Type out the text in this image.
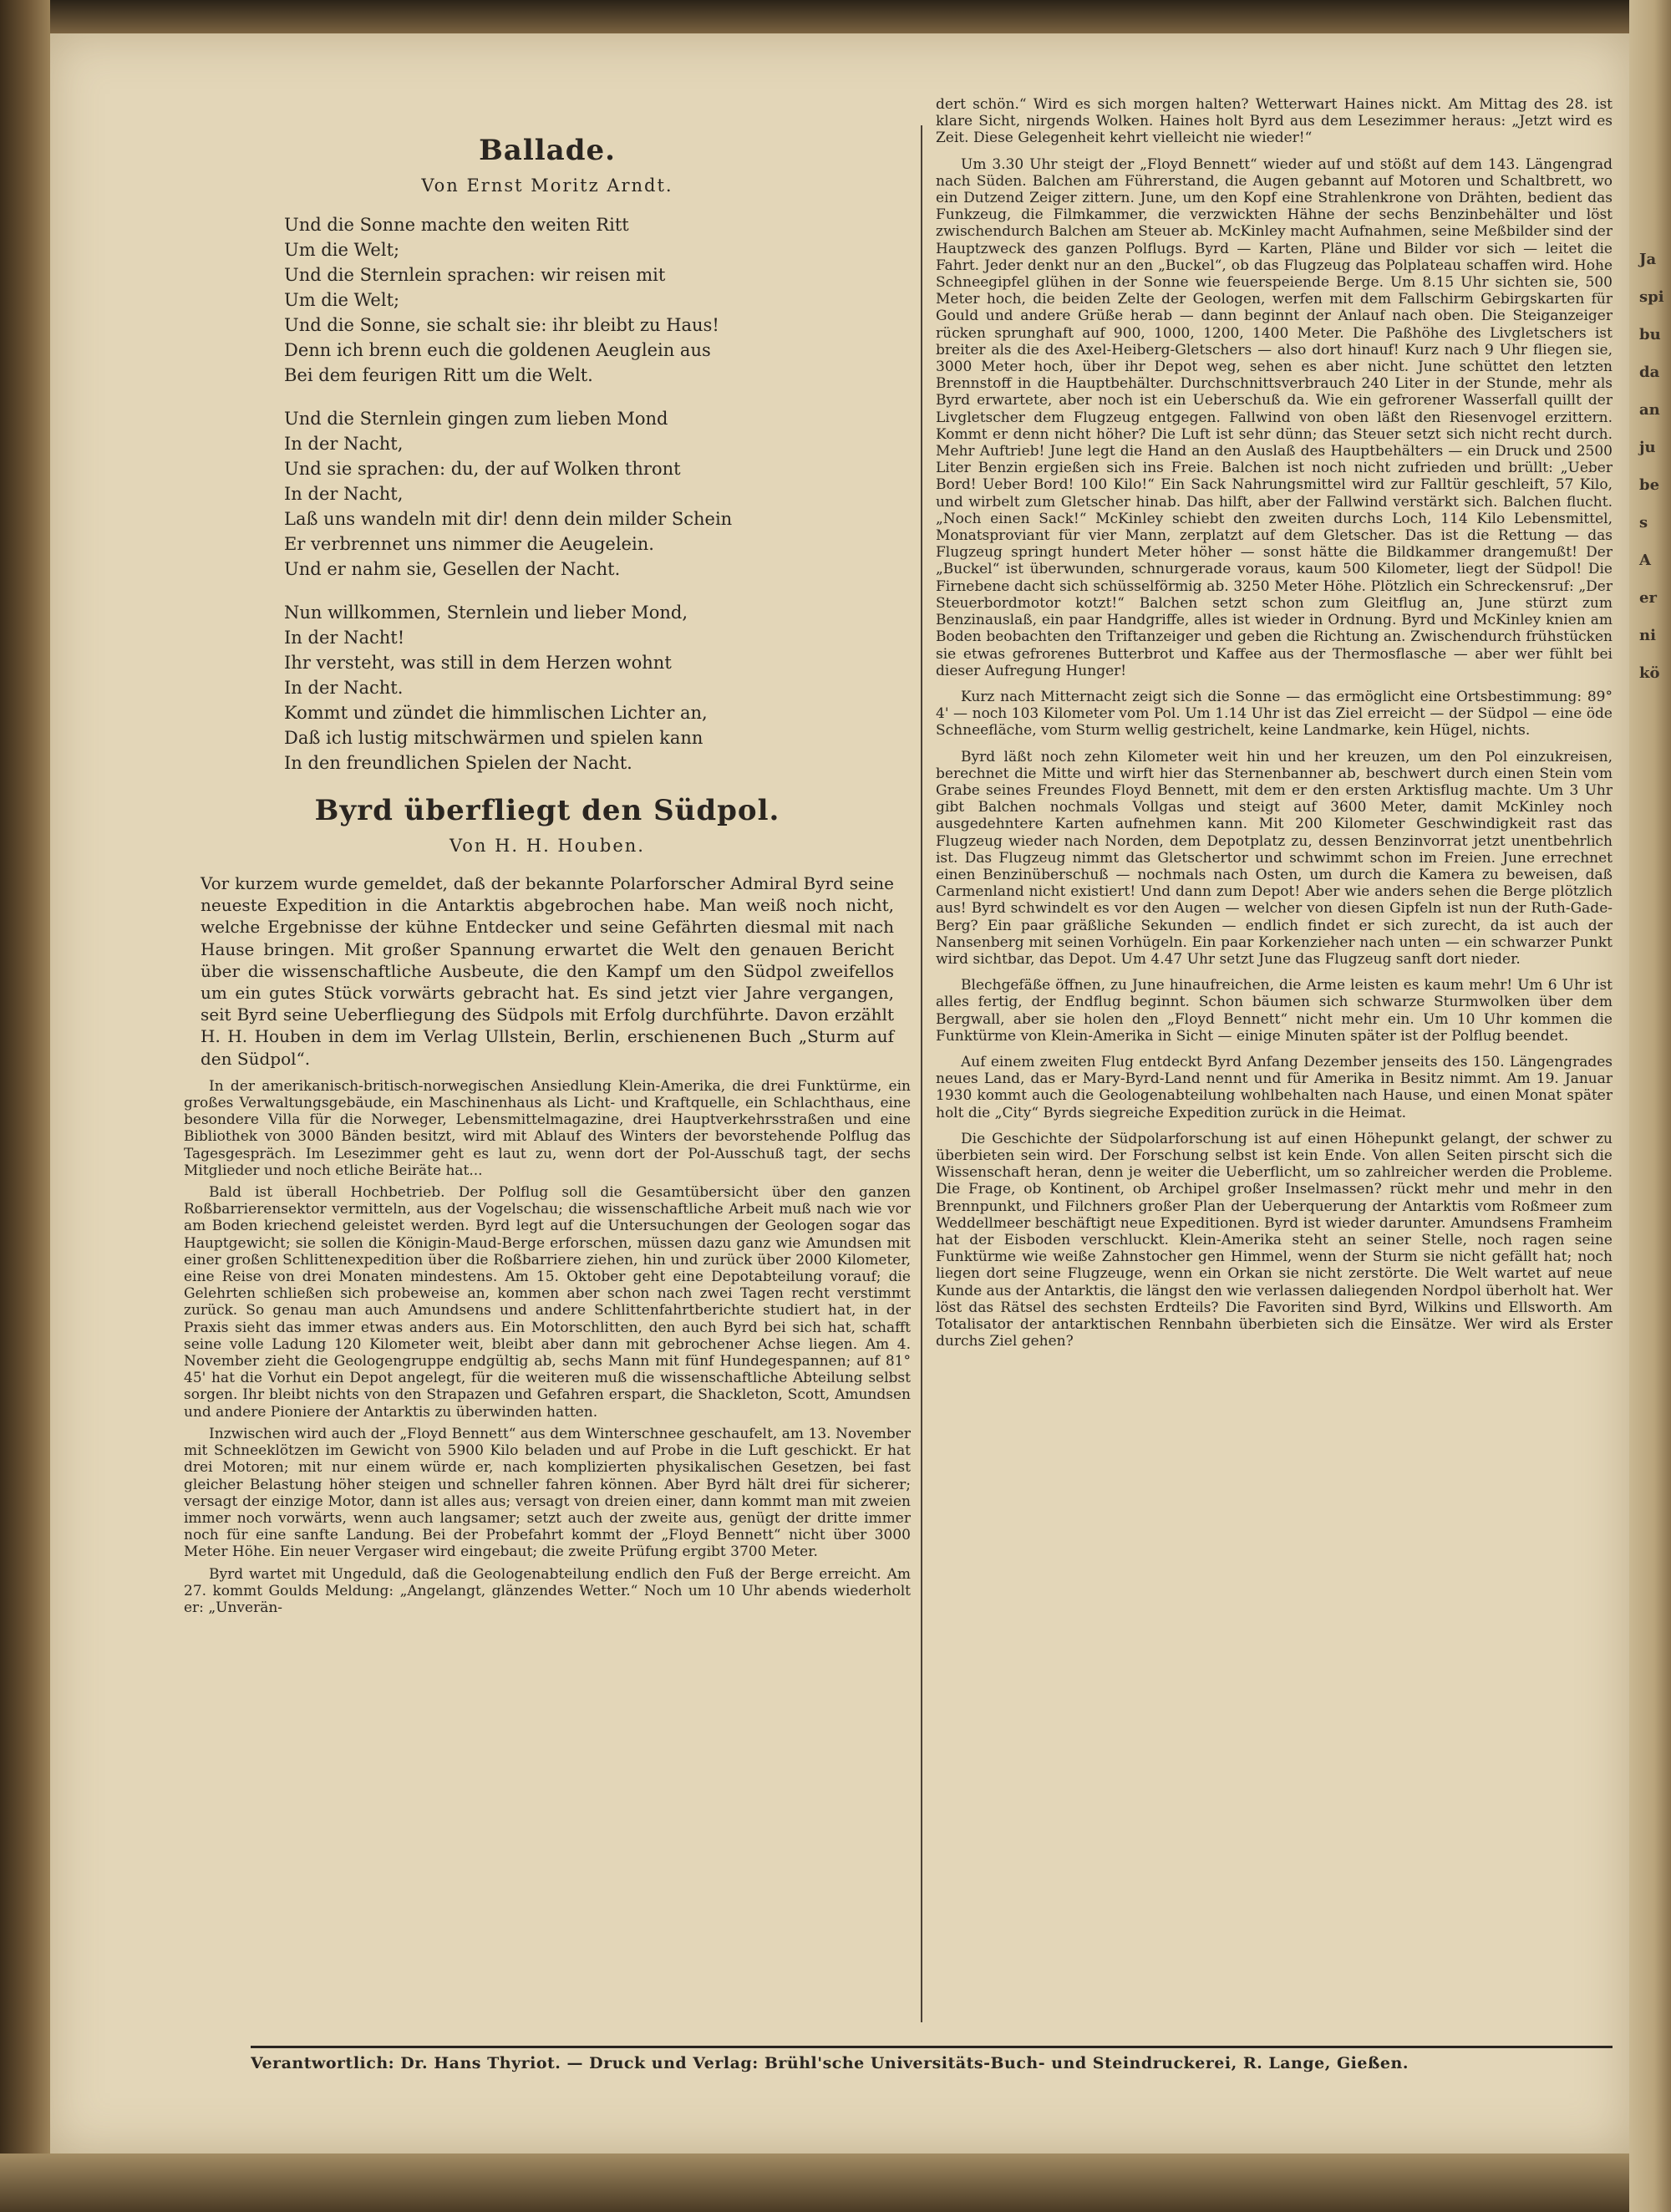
Ja
spi
bu
da
an
ju
be
s
A
er
ni
kö
Ballade.
Von Ernst Moritz Arndt.
Und die Sonne machte den weiten Ritt
Um die Welt;
Und die Sternlein sprachen: wir reisen mit
Um die Welt;
Und die Sonne, sie schalt sie: ihr bleibt zu Haus!
Denn ich brenn euch die goldenen Aeuglein aus
Bei dem feurigen Ritt um die Welt.
Und die Sternlein gingen zum lieben Mond
In der Nacht,
Und sie sprachen: du, der auf Wolken thront
In der Nacht,
Laß uns wandeln mit dir! denn dein milder Schein
Er verbrennet uns nimmer die Aeugelein.
Und er nahm sie, Gesellen der Nacht.
Nun willkommen, Sternlein und lieber Mond,
In der Nacht!
Ihr versteht, was still in dem Herzen wohnt
In der Nacht.
Kommt und zündet die himmlischen Lichter an,
Daß ich lustig mitschwärmen und spielen kann
In den freundlichen Spielen der Nacht.
Byrd überfliegt den Südpol.
Von H. H. Houben.
Vor kurzem wurde gemeldet, daß der bekannte Polarforscher Admiral Byrd seine neueste Expedition in die Antarktis abgebrochen habe. Man weiß noch nicht, welche Ergebnisse der kühne Entdecker und seine Gefährten diesmal mit nach Hause bringen. Mit großer Spannung erwartet die Welt den genauen Bericht über die wissenschaftliche Ausbeute, die den Kampf um den Südpol zweifellos um ein gutes Stück vorwärts gebracht hat. Es sind jetzt vier Jahre vergangen, seit Byrd seine Ueberfliegung des Südpols mit Erfolg durchführte. Davon erzählt H. H. Houben in dem im Verlag Ullstein, Berlin, erschienenen Buch „Sturm auf den Südpol“.
In der amerikanisch-britisch-norwegischen Ansiedlung Klein-Amerika, die drei Funktürme, ein großes Verwaltungsgebäude, ein Maschinenhaus als Licht- und Kraftquelle, ein Schlachthaus, eine besondere Villa für die Norweger, Lebensmittelmagazine, drei Hauptverkehrsstraßen und eine Bibliothek von 3000 Bänden besitzt, wird mit Ablauf des Winters der bevorstehende Polflug das Tagesgespräch. Im Lesezimmer geht es laut zu, wenn dort der Pol-Ausschuß tagt, der sechs Mitglieder und noch etliche Beiräte hat...
Bald ist überall Hochbetrieb. Der Polflug soll die Gesamtübersicht über den ganzen Roßbarrierensektor vermitteln, aus der Vogelschau; die wissenschaftliche Arbeit muß nach wie vor am Boden kriechend geleistet werden. Byrd legt auf die Untersuchungen der Geologen sogar das Hauptgewicht; sie sollen die Königin-Maud-Berge erforschen, müssen dazu ganz wie Amundsen mit einer großen Schlittenexpedition über die Roßbarriere ziehen, hin und zurück über 2000 Kilometer, eine Reise von drei Monaten mindestens. Am 15. Oktober geht eine Depotabteilung vorauf; die Gelehrten schließen sich probeweise an, kommen aber schon nach zwei Tagen recht verstimmt zurück. So genau man auch Amundsens und andere Schlittenfahrtberichte studiert hat, in der Praxis sieht das immer etwas anders aus. Ein Motorschlitten, den auch Byrd bei sich hat, schafft seine volle Ladung 120 Kilometer weit, bleibt aber dann mit gebrochener Achse liegen. Am 4. November zieht die Geologengruppe endgültig ab, sechs Mann mit fünf Hundegespannen; auf 81° 45' hat die Vorhut ein Depot angelegt, für die weiteren muß die wissenschaftliche Abteilung selbst sorgen. Ihr bleibt nichts von den Strapazen und Gefahren erspart, die Shackleton, Scott, Amundsen und andere Pioniere der Antarktis zu überwinden hatten.
Inzwischen wird auch der „Floyd Bennett“ aus dem Winterschnee geschaufelt, am 13. November mit Schneeklötzen im Gewicht von 5900 Kilo beladen und auf Probe in die Luft geschickt. Er hat drei Motoren; mit nur einem würde er, nach komplizierten physikalischen Gesetzen, bei fast gleicher Belastung höher steigen und schneller fahren können. Aber Byrd hält drei für sicherer; versagt der einzige Motor, dann ist alles aus; versagt von dreien einer, dann kommt man mit zweien immer noch vorwärts, wenn auch langsamer; setzt auch der zweite aus, genügt der dritte immer noch für eine sanfte Landung. Bei der Probefahrt kommt der „Floyd Bennett“ nicht über 3000 Meter Höhe. Ein neuer Vergaser wird eingebaut; die zweite Prüfung ergibt 3700 Meter.
Byrd wartet mit Ungeduld, daß die Geologenabteilung endlich den Fuß der Berge erreicht. Am 27. kommt Goulds Meldung: „Angelangt, glänzendes Wetter.“ Noch um 10 Uhr abends wiederholt er: „Unverän-
dert schön.“ Wird es sich morgen halten? Wetterwart Haines nickt. Am Mittag des 28. ist klare Sicht, nirgends Wolken. Haines holt Byrd aus dem Lesezimmer heraus: „Jetzt wird es Zeit. Diese Gelegenheit kehrt vielleicht nie wieder!“
Um 3.30 Uhr steigt der „Floyd Bennett“ wieder auf und stößt auf dem 143. Längengrad nach Süden. Balchen am Führerstand, die Augen gebannt auf Motoren und Schaltbrett, wo ein Dutzend Zeiger zittern. June, um den Kopf eine Strahlenkrone von Drähten, bedient das Funkzeug, die Filmkammer, die verzwickten Hähne der sechs Benzinbehälter und löst zwischendurch Balchen am Steuer ab. McKinley macht Aufnahmen, seine Meßbilder sind der Hauptzweck des ganzen Polflugs. Byrd — Karten, Pläne und Bilder vor sich — leitet die Fahrt. Jeder denkt nur an den „Buckel“, ob das Flugzeug das Polplateau schaffen wird. Hohe Schneegipfel glühen in der Sonne wie feuerspeiende Berge. Um 8.15 Uhr sichten sie, 500 Meter hoch, die beiden Zelte der Geologen, werfen mit dem Fallschirm Gebirgskarten für Gould und andere Grüße herab — dann beginnt der Anlauf nach oben. Die Steiganzeiger rücken sprunghaft auf 900, 1000, 1200, 1400 Meter. Die Paßhöhe des Livgletschers ist breiter als die des Axel-Heiberg-Gletschers — also dort hinauf! Kurz nach 9 Uhr fliegen sie, 3000 Meter hoch, über ihr Depot weg, sehen es aber nicht. June schüttet den letzten Brennstoff in die Hauptbehälter. Durchschnittsverbrauch 240 Liter in der Stunde, mehr als Byrd erwartete, aber noch ist ein Ueberschuß da. Wie ein gefrorener Wasserfall quillt der Livgletscher dem Flugzeug entgegen. Fallwind von oben läßt den Riesenvogel erzittern. Kommt er denn nicht höher? Die Luft ist sehr dünn; das Steuer setzt sich nicht recht durch. Mehr Auftrieb! June legt die Hand an den Auslaß des Hauptbehälters — ein Druck und 2500 Liter Benzin ergießen sich ins Freie. Balchen ist noch nicht zufrieden und brüllt: „Ueber Bord! Ueber Bord! 100 Kilo!“ Ein Sack Nahrungsmittel wird zur Falltür geschleift, 57 Kilo, und wirbelt zum Gletscher hinab. Das hilft, aber der Fallwind verstärkt sich. Balchen flucht. „Noch einen Sack!“ McKinley schiebt den zweiten durchs Loch, 114 Kilo Lebensmittel, Monatsproviant für vier Mann, zerplatzt auf dem Gletscher. Das ist die Rettung — das Flugzeug springt hundert Meter höher — sonst hätte die Bildkammer drangemußt! Der „Buckel“ ist überwunden, schnurgerade voraus, kaum 500 Kilometer, liegt der Südpol! Die Firnebene dacht sich schüsselförmig ab. 3250 Meter Höhe. Plötzlich ein Schreckensruf: „Der Steuerbordmotor kotzt!“ Balchen setzt schon zum Gleitflug an, June stürzt zum Benzinauslaß, ein paar Handgriffe, alles ist wieder in Ordnung. Byrd und McKinley knien am Boden beobachten den Triftanzeiger und geben die Richtung an. Zwischendurch frühstücken sie etwas gefrorenes Butterbrot und Kaffee aus der Thermosflasche — aber wer fühlt bei dieser Aufregung Hunger!
Kurz nach Mitternacht zeigt sich die Sonne — das ermöglicht eine Ortsbestimmung: 89° 4' — noch 103 Kilometer vom Pol. Um 1.14 Uhr ist das Ziel erreicht — der Südpol — eine öde Schneefläche, vom Sturm wellig gestrichelt, keine Landmarke, kein Hügel, nichts.
Byrd läßt noch zehn Kilometer weit hin und her kreuzen, um den Pol einzukreisen, berechnet die Mitte und wirft hier das Sternenbanner ab, beschwert durch einen Stein vom Grabe seines Freundes Floyd Bennett, mit dem er den ersten Arktisflug machte. Um 3 Uhr gibt Balchen nochmals Vollgas und steigt auf 3600 Meter, damit McKinley noch ausgedehntere Karten aufnehmen kann. Mit 200 Kilometer Geschwindigkeit rast das Flugzeug wieder nach Norden, dem Depotplatz zu, dessen Benzinvorrat jetzt unentbehrlich ist. Das Flugzeug nimmt das Gletschertor und schwimmt schon im Freien. June errechnet einen Benzinüberschuß — nochmals nach Osten, um durch die Kamera zu beweisen, daß Carmenland nicht existiert! Und dann zum Depot! Aber wie anders sehen die Berge plötzlich aus! Byrd schwindelt es vor den Augen — welcher von diesen Gipfeln ist nun der Ruth-Gade-Berg? Ein paar gräßliche Sekunden — endlich findet er sich zurecht, da ist auch der Nansenberg mit seinen Vorhügeln. Ein paar Korkenzieher nach unten — ein schwarzer Punkt wird sichtbar, das Depot. Um 4.47 Uhr setzt June das Flugzeug sanft dort nieder.
Blechgefäße öffnen, zu June hinaufreichen, die Arme leisten es kaum mehr! Um 6 Uhr ist alles fertig, der Endflug beginnt. Schon bäumen sich schwarze Sturmwolken über dem Bergwall, aber sie holen den „Floyd Bennett“ nicht mehr ein. Um 10 Uhr kommen die Funktürme von Klein-Amerika in Sicht — einige Minuten später ist der Polflug beendet.
Auf einem zweiten Flug entdeckt Byrd Anfang Dezember jenseits des 150. Längengrades neues Land, das er Mary-Byrd-Land nennt und für Amerika in Besitz nimmt. Am 19. Januar 1930 kommt auch die Geologenabteilung wohlbehalten nach Hause, und einen Monat später holt die „City“ Byrds siegreiche Expedition zurück in die Heimat.
Die Geschichte der Südpolarforschung ist auf einen Höhepunkt gelangt, der schwer zu überbieten sein wird. Der Forschung selbst ist kein Ende. Von allen Seiten pirscht sich die Wissenschaft heran, denn je weiter die Ueberflicht, um so zahlreicher werden die Probleme. Die Frage, ob Kontinent, ob Archipel großer Inselmassen? rückt mehr und mehr in den Brennpunkt, und Filchners großer Plan der Ueberquerung der Antarktis vom Roßmeer zum Weddellmeer beschäftigt neue Expeditionen. Byrd ist wieder darunter. Amundsens Framheim hat der Eisboden verschluckt. Klein-Amerika steht an seiner Stelle, noch ragen seine Funktürme wie weiße Zahnstocher gen Himmel, wenn der Sturm sie nicht gefällt hat; noch liegen dort seine Flugzeuge, wenn ein Orkan sie nicht zerstörte. Die Welt wartet auf neue Kunde aus der Antarktis, die längst den wie verlassen daliegenden Nordpol überholt hat. Wer löst das Rätsel des sechsten Erdteils? Die Favoriten sind Byrd, Wilkins und Ellsworth. Am Totalisator der antarktischen Rennbahn überbieten sich die Einsätze. Wer wird als Erster durchs Ziel gehen?
Verantwortlich: Dr. Hans Thyriot. — Druck und Verlag: Brühl'sche Universitäts-Buch- und Steindruckerei, R. Lange, Gießen.
